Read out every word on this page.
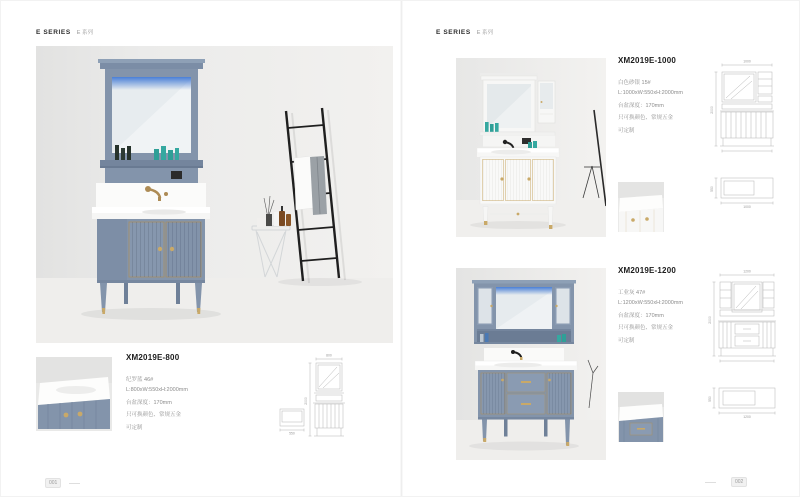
E SERIES E 系列
XM2019E-800
纪罗蓝 46#
L:800xW:550xH:2000mm
台盆深度：170mm
只可换颜色、常规五金
可定制
800
2000
550
001
E SERIES E 系列
XM2019E-1000
白色砂银 15#
L:1000xW:550xH:2000mm
台盆深度：170mm
只可换颜色、常规五金
可定制
1000
2000
550
1000
XM2019E-1200
工业灰 47#
L:1200xW:550xH:2000mm
台盆深度：170mm
只可换颜色、常规五金
可定制
1200
2000
550
1200
002
